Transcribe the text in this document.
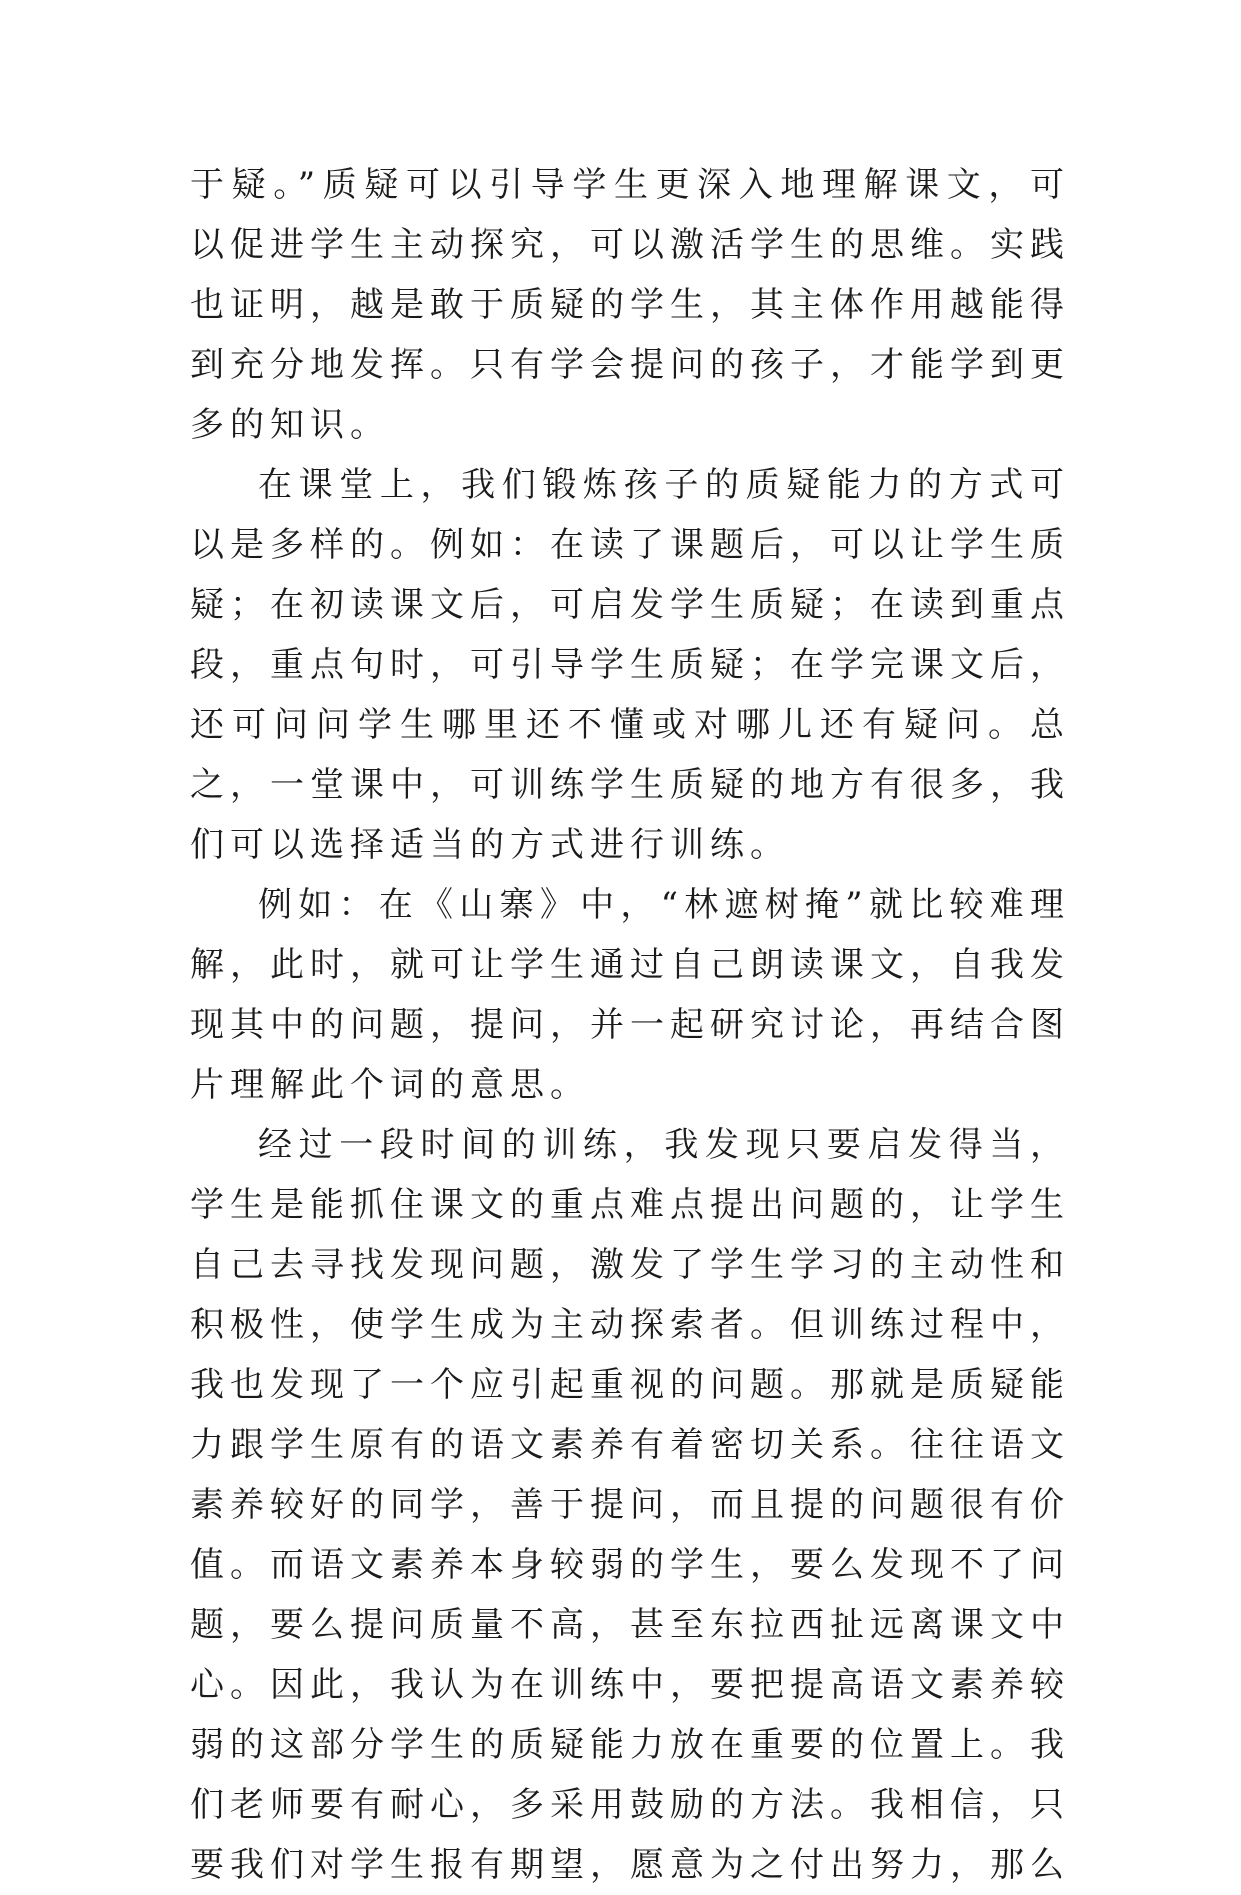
于疑。”质疑可以引导学生更深入地理解课文，可以促进学生主动探究，可以激活学生的思维。实践也证明，越是敢于质疑的学生，其主体作用越能得到充分地发挥。只有学会提问的孩子，才能学到更多的知识。

在课堂上，我们锻炼孩子的质疑能力的方式可以是多样的。例如：在读了课题后，可以让学生质疑；在初读课文后，可启发学生质疑；在读到重点段，重点句时，可引导学生质疑；在学完课文后，还可问问学生哪里还不懂或对哪儿还有疑问。总之，一堂课中，可训练学生质疑的地方有很多，我们可以选择适当的方式进行训练。

例如：在《山寨》中，“林遮树掩”就比较难理解，此时，就可让学生通过自己朗读课文，自我发现其中的问题，提问，并一起研究讨论，再结合图片理解此个词的意思。

经过一段时间的训练，我发现只要启发得当，学生是能抓住课文的重点难点提出问题的，让学生自己去寻找发现问题，激发了学生学习的主动性和积极性，使学生成为主动探索者。但训练过程中，我也发现了一个应引起重视的问题。那就是质疑能力跟学生原有的语文素养有着密切关系。往往语文素养较好的同学，善于提问，而且提的问题很有价值。而语文素养本身较弱的学生，要么发现不了问题，要么提问质量不高，甚至东拉西扯远离课文中心。因此，我认为在训练中，要把提高语文素养较弱的这部分学生的质疑能力放在重要的位置上。我们老师要有耐心，多采用鼓励的方法。我相信，只要我们对学生报有期望，愿意为之付出努力，那么
